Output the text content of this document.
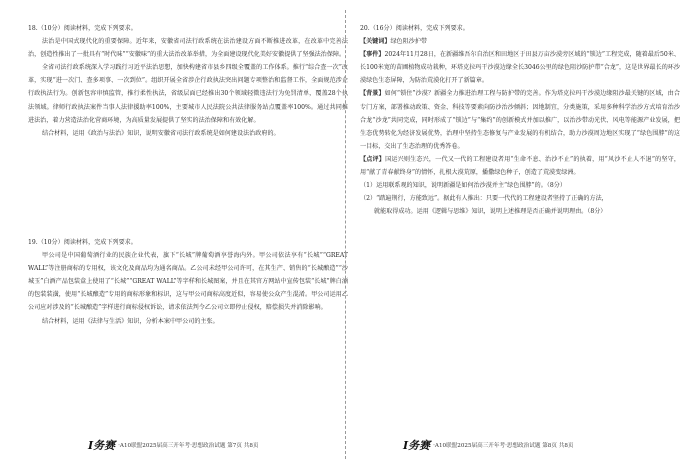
18.（10分）阅读材料，完成下列要求。

法治是中国式现代化的重要保障。近年来，安徽省司法行政系统在法治建设方面不断推进改革，在改革中完善法治，创造性推出了一批具有“时代味”“安徽味”的重大法治改革举措，为全面建设现代化美好安徽提供了坚强法治保障。

全省司法行政系统深入学习践行习近平法治思想，加快构建省市县乡四级全覆盖的工作体系。推行“综合查一次”改革，实现“进一次门、查多项事、一次到位”。组织开展全省涉企行政执法突出问题专项整治和监督工作，全面规范涉企行政执法行为。创新包容审慎监管，推行柔性执法，省级层面已经推出30个领域轻微违法行为免罚清单，覆盖28个执法领域。律师行政执法案件当事人法律援助率100%，主要城市人民法院公共法律服务站点覆盖率100%。通过共同推进法治，着力营造法治化营商环境，为高质量发展提供了坚实的法治保障和有效化解。

结合材料，运用《政治与法治》知识，说明安徽省司法行政系统是如何建设法治政府的。

19.（10分）阅读材料，完成下列要求。

甲公司是中国葡萄酒行业的民族企业代表，旗下“长城”牌葡萄酒享誉海内外。甲公司依法享有“长城”“GREAT WALL”等注册商标的专用权，该文化及商品均为通名商品。乙公司未经甲公司许可，在其生产、销售的“长城酿造”“沙城玉”白酒产品包装盒上使用了“长城”“GREAT WALL”等字样和长城图案，并且在其官方网站中宣传包装“长城”牌白酒的包装装潢，使用“长城酿造”专用的商标形象和标识，这与甲公司商标高度近似，容易使公众产生混淆。甲公司运用乙公司应对涉及的“长城酿造”字样进行商标侵权诉讼，请求依法判令乙公司立即停止侵权，赔偿损失并消除影响。

结合材料，运用《法律与生活》知识，分析本案中甲公司的主张。

20.（16分）阅读材料，完成下列要求。

【关键词】绿色阻沙护带

【事件】2024年11月28日，在新疆维吾尔自治区和田地区于田县万亩沙漠旁区域的“锁边”工程完成，随着最后50米、长100米宽的苗圃植物成功栽种，环塔克拉玛干沙漠边缘全长3046公里的绿色阻沙防护带“合龙”，这是世界最长的环沙漠绿色生态屏障，为防治荒漠化打开了新篇章。

【背景】如何“锁住”沙漠？新疆全力推进治理工程与防护带的完善。作为塔克拉玛干沙漠边缘阻沙最关键的区域，由合专门方案，部署推动政策、资金、科技等要素向防沙治沙倾斜；因地制宜，分类施策，采用多种科学治沙方式培育治沙合龙“沙龙”共同完成，同时形成了“锁边”与“集约”的创新模式并加以推广，以治沙带动光伏、风电等能源产业发展，把生态优势转化为经济发展优势，治理中坚持生态修复与产业发展的有机结合，助力沙漠周边地区实现了“绿色围脖”的这一目标，交出了生态治理的优秀答卷。

【点评】国运兴则生态兴，一代又一代的工程建设者用“生命不息、治沙不止”的执着，用“风沙不止人不退”的坚守，用“献了青春献终身”的情怀，扎根大漠荒原，播撒绿色种子，创造了荒漠变绿洲。

（1）运用联系观的知识，说明新疆是如何治沙漠并主“绿色围脖”的。（8分）

（2）“踏遍荆行，方能致远”。据此有人推出：只要一代代的工程建设者坚持了正确的方法，

就能取得成功。运用《逻辑与思维》知识，说明上述推理是否正确并说明理由。（8分）

Ⅰ务赛 ·A10联盟2025届高三开年考·思想政治试题 第7页 共8页	Ⅰ务赛 ·A10联盟2025届高三开年考·思想政治试题 第8页 共8页
